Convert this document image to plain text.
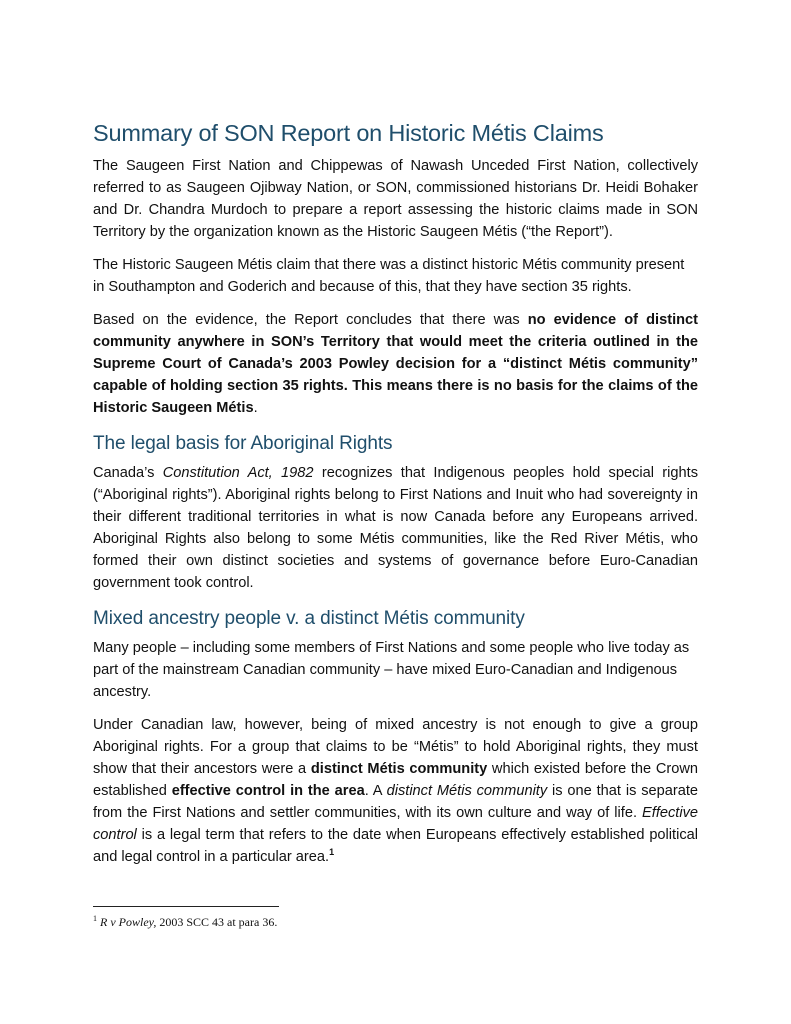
Summary of SON Report on Historic Métis Claims

The Saugeen First Nation and Chippewas of Nawash Unceded First Nation, collectively referred to as Saugeen Ojibway Nation, or SON, commissioned historians Dr. Heidi Bohaker and Dr. Chandra Murdoch to prepare a report assessing the historic claims made in SON Territory by the organization known as the Historic Saugeen Métis (“the Report”).

The Historic Saugeen Métis claim that there was a distinct historic Métis community present in Southampton and Goderich and because of this, that they have section 35 rights.

Based on the evidence, the Report concludes that there was no evidence of distinct community anywhere in SON’s Territory that would meet the criteria outlined in the Supreme Court of Canada’s 2003 Powley decision for a “distinct Métis community” capable of holding section 35 rights. This means there is no basis for the claims of the Historic Saugeen Métis.

The legal basis for Aboriginal Rights

Canada’s Constitution Act, 1982 recognizes that Indigenous peoples hold special rights (“Aboriginal rights”). Aboriginal rights belong to First Nations and Inuit who had sovereignty in their different traditional territories in what is now Canada before any Europeans arrived. Aboriginal Rights also belong to some Métis communities, like the Red River Métis, who formed their own distinct societies and systems of governance before Euro-Canadian government took control.

Mixed ancestry people v. a distinct Métis community

Many people – including some members of First Nations and some people who live today as part of the mainstream Canadian community – have mixed Euro-Canadian and Indigenous ancestry.

Under Canadian law, however, being of mixed ancestry is not enough to give a group Aboriginal rights. For a group that claims to be “Métis” to hold Aboriginal rights, they must show that their ancestors were a distinct Métis community which existed before the Crown established effective control in the area. A distinct Métis community is one that is separate from the First Nations and settler communities, with its own culture and way of life. Effective control is a legal term that refers to the date when Europeans effectively established political and legal control in a particular area.$^1$

$^1$ R v Powley, 2003 SCC 43 at para 36.
